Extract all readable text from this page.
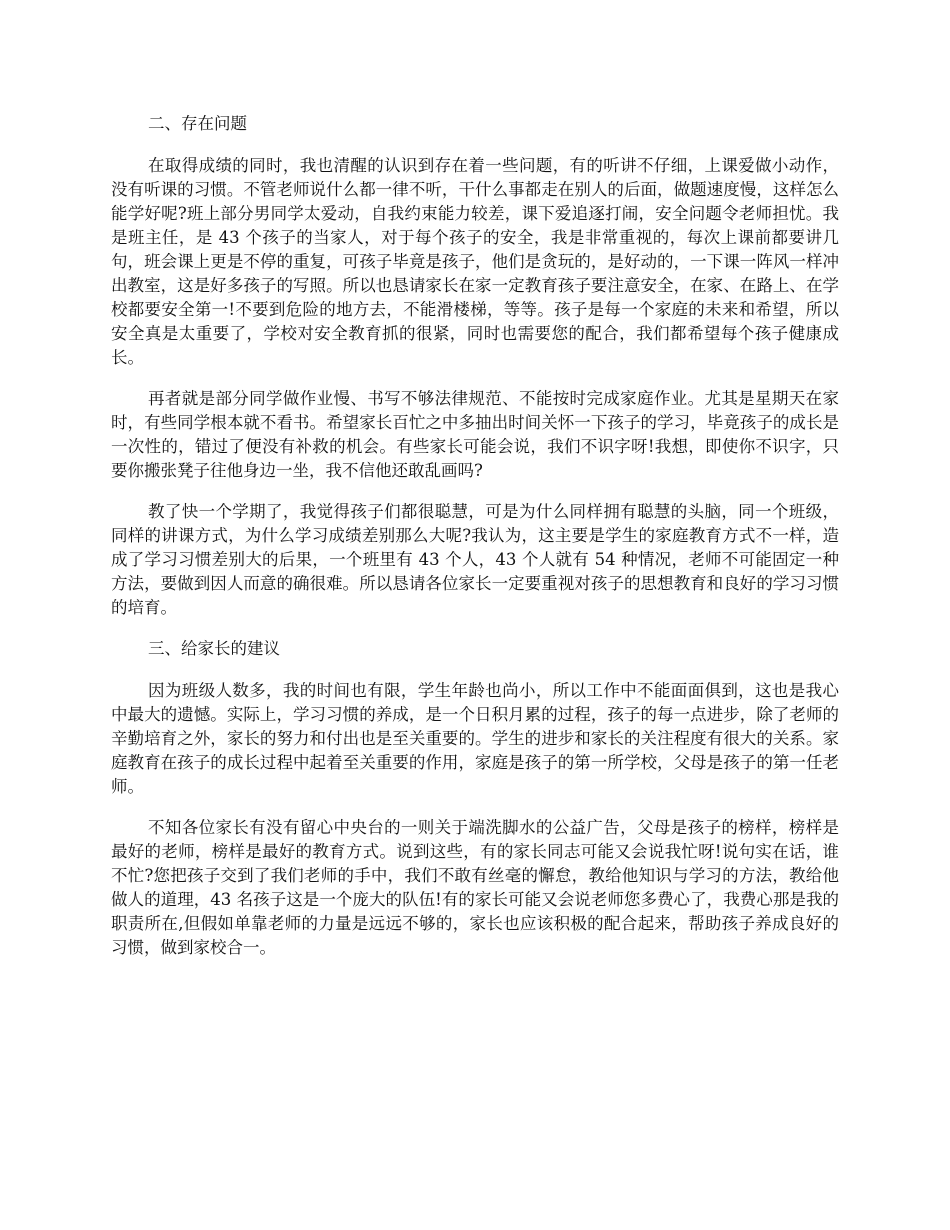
二、存在问题

在取得成绩的同时，我也清醒的认识到存在着一些问题，有的听讲不仔细，上课爱做小动作，没有听课的习惯。不管老师说什么都一律不听，干什么事都走在别人的后面，做题速度慢，这样怎么能学好呢?班上部分男同学太爱动，自我约束能力较差，课下爱追逐打闹，安全问题令老师担忧。我是班主任，是 43 个孩子的当家人，对于每个孩子的安全，我是非常重视的，每次上课前都要讲几句，班会课上更是不停的重复，可孩子毕竟是孩子，他们是贪玩的，是好动的，一下课一阵风一样冲出教室，这是好多孩子的写照。所以也恳请家长在家一定教育孩子要注意安全，在家、在路上、在学校都要安全第一!不要到危险的地方去，不能滑楼梯，等等。孩子是每一个家庭的未来和希望，所以安全真是太重要了，学校对安全教育抓的很紧，同时也需要您的配合，我们都希望每个孩子健康成长。

再者就是部分同学做作业慢、书写不够法律规范、不能按时完成家庭作业。尤其是星期天在家时，有些同学根本就不看书。希望家长百忙之中多抽出时间关怀一下孩子的学习，毕竟孩子的成长是一次性的，错过了便没有补救的机会。有些家长可能会说，我们不识字呀!我想，即使你不识字，只要你搬张凳子往他身边一坐，我不信他还敢乱画吗?

教了快一个学期了，我觉得孩子们都很聪慧，可是为什么同样拥有聪慧的头脑，同一个班级，同样的讲课方式，为什么学习成绩差别那么大呢?我认为，这主要是学生的家庭教育方式不一样，造成了学习习惯差别大的后果，一个班里有 43 个人，43 个人就有 54 种情况，老师不可能固定一种方法，要做到因人而意的确很难。所以恳请各位家长一定要重视对孩子的思想教育和良好的学习习惯的培育。

三、给家长的建议

因为班级人数多，我的时间也有限，学生年龄也尚小，所以工作中不能面面俱到，这也是我心中最大的遗憾。实际上，学习习惯的养成，是一个日积月累的过程，孩子的每一点进步，除了老师的辛勤培育之外，家长的努力和付出也是至关重要的。学生的进步和家长的关注程度有很大的关系。家庭教育在孩子的成长过程中起着至关重要的作用，家庭是孩子的第一所学校，父母是孩子的第一任老师。

不知各位家长有没有留心中央台的一则关于端洗脚水的公益广告，父母是孩子的榜样，榜样是最好的老师，榜样是最好的教育方式。说到这些，有的家长同志可能又会说我忙呀!说句实在话，谁不忙?您把孩子交到了我们老师的手中，我们不敢有丝毫的懈怠，教给他知识与学习的方法，教给他做人的道理，43 名孩子这是一个庞大的队伍!有的家长可能又会说老师您多费心了，我费心那是我的职责所在,但假如单靠老师的力量是远远不够的，家长也应该积极的配合起来，帮助孩子养成良好的习惯，做到家校合一。
